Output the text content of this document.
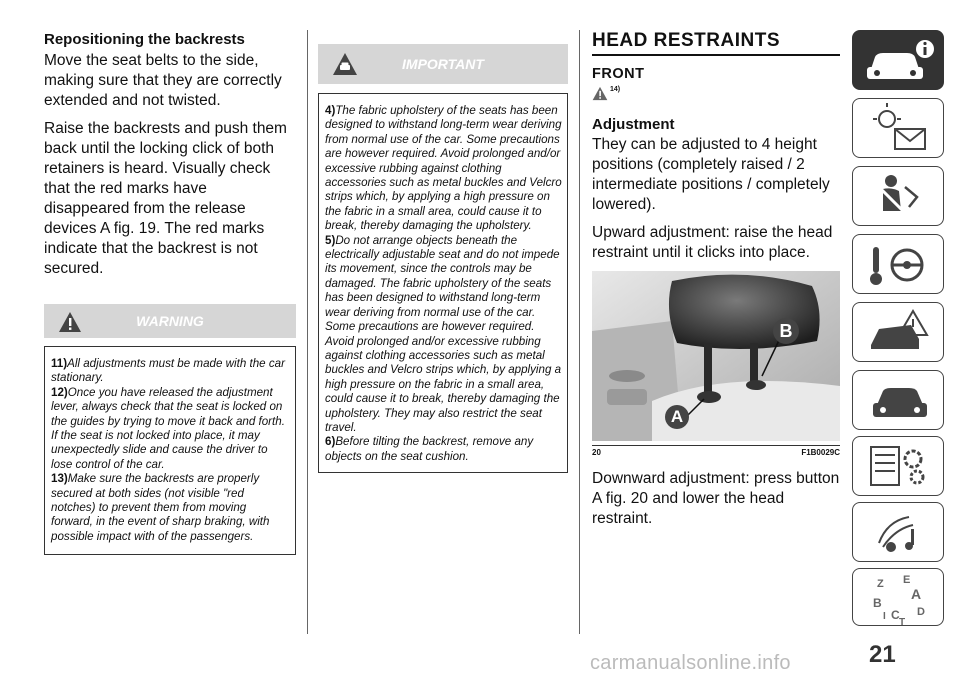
Repositioning the backrests

Move the seat belts to the side, making sure that they are correctly extended and not twisted.

Raise the backrests and push them back until the locking click of both retainers is heard. Visually check that the red marks have disappeared from the release devices A fig. 19. The red marks indicate that the backrest is not secured.

WARNING

11)All adjustments must be made with the car stationary.

12)Once you have released the adjustment lever, always check that the seat is locked on the guides by trying to move it back and forth. If the seat is not locked into place, it may unexpectedly slide and cause the driver to lose control of the car.

13)Make sure the backrests are properly secured at both sides (not visible "red notches) to prevent them from moving forward, in the event of sharp braking, with possible impact with of the passengers.

IMPORTANT

4)The fabric upholstery of the seats has been designed to withstand long-term wear deriving from normal use of the car. Some precautions are however required. Avoid prolonged and/or excessive rubbing against clothing accessories such as metal buckles and Velcro strips which, by applying a high pressure on the fabric in a small area, could cause it to break, thereby damaging the upholstery.

5)Do not arrange objects beneath the electrically adjustable seat and do not impede its movement, since the controls may be damaged. The fabric upholstery of the seats has been designed to withstand long-term wear deriving from normal use of the car. Some precautions are however required. Avoid prolonged and/or excessive rubbing against clothing accessories such as metal buckles and Velcro strips which, by applying a high pressure on the fabric in a small area, could cause it to break, thereby damaging the upholstery. They may also restrict the seat travel.

6)Before tilting the backrest, remove any objects on the seat cushion.

HEAD RESTRAINTS
FRONT
14)
Adjustment

They can be adjusted to 4 height positions (completely raised / 2 intermediate positions / completely lowered).

Upward adjustment: raise the head restraint until it clicks into place.

A
B
20	F1B0029C

Downward adjustment: press button A fig. 20 and lower the head restraint.

Z E
A
B
I C D
T
21
carmanualsonline.info
